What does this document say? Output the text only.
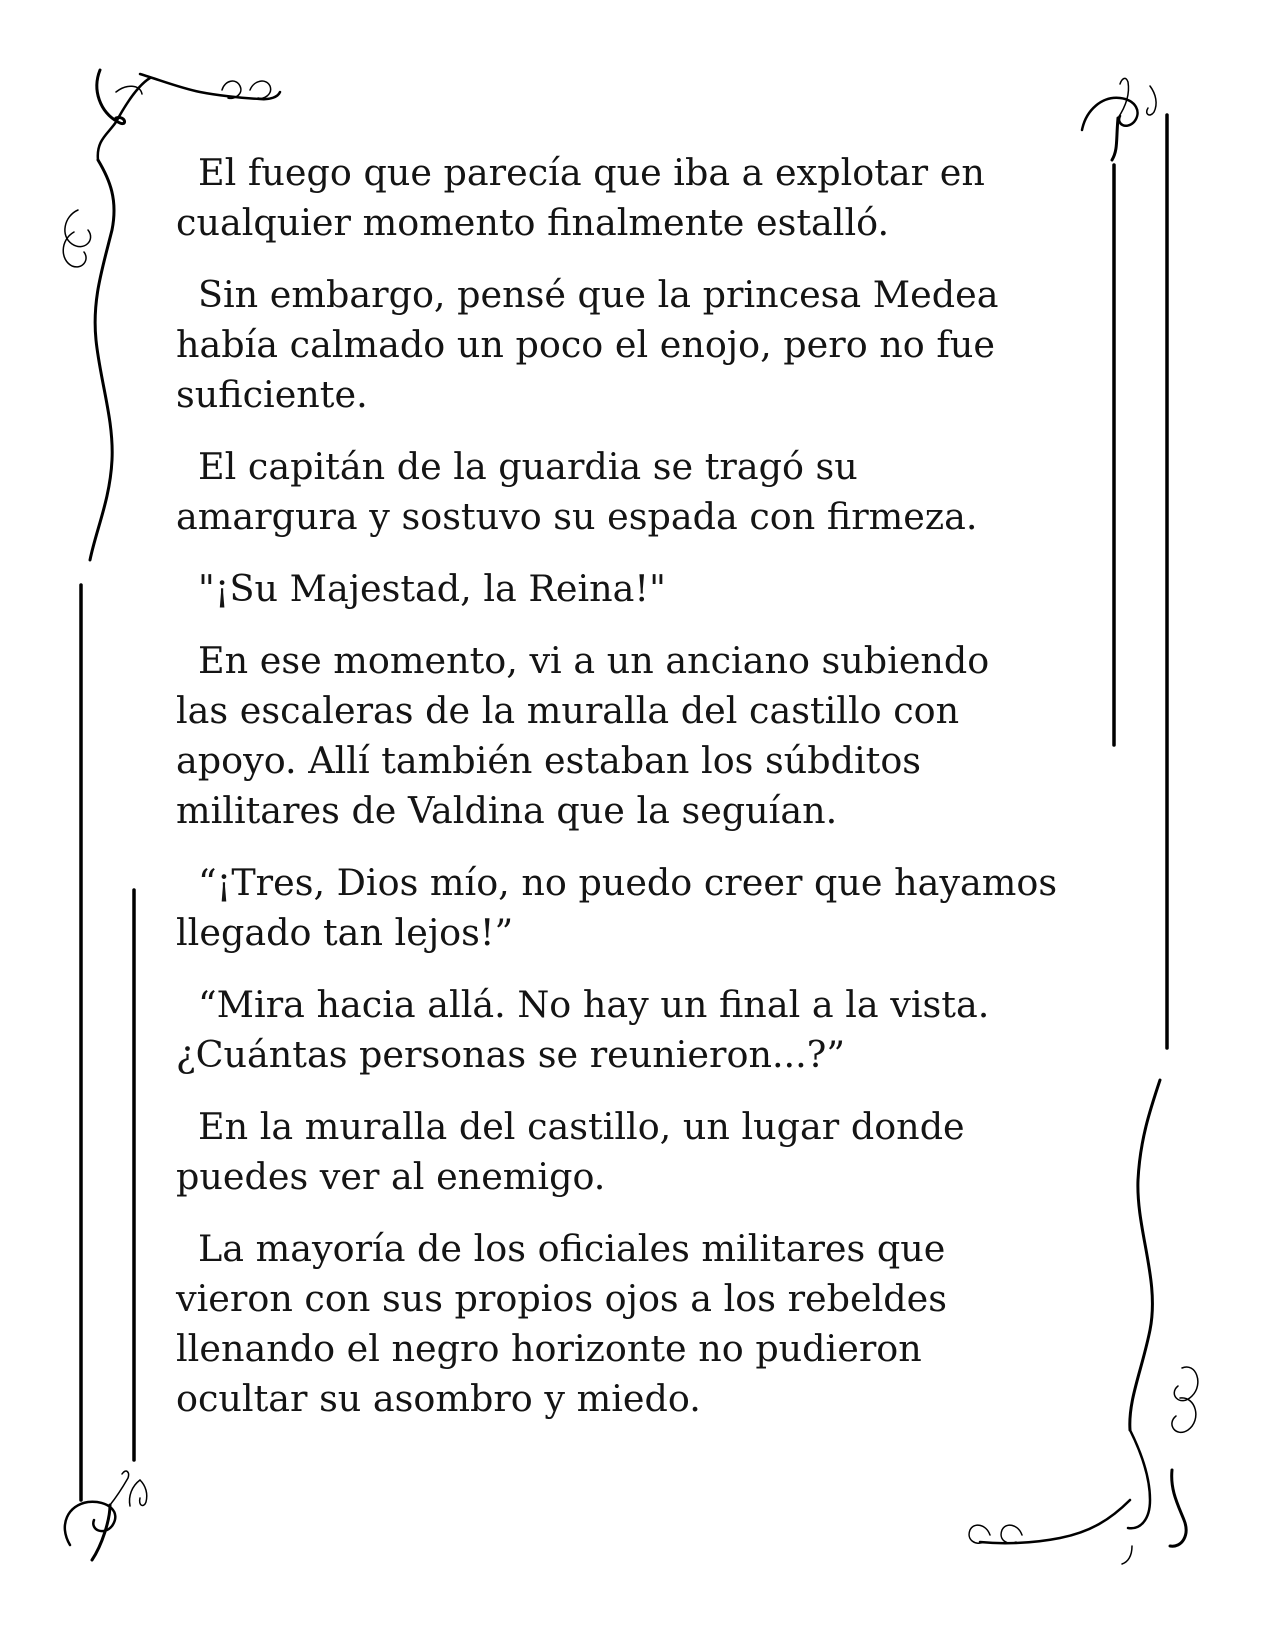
El fuego que parecía que iba a explotar en
cualquier momento finalmente estalló.

Sin embargo, pensé que la princesa Medea
había calmado un poco el enojo, pero no fue
suficiente.

El capitán de la guardia se tragó su
amargura y sostuvo su espada con firmeza.

"¡Su Majestad, la Reina!"

En ese momento, vi a un anciano subiendo
las escaleras de la muralla del castillo con
apoyo. Allí también estaban los súbditos
militares de Valdina que la seguían.

“¡Tres, Dios mío, no puedo creer que hayamos
llegado tan lejos!”

“Mira hacia allá. No hay un final a la vista.
¿Cuántas personas se reunieron...?”

En la muralla del castillo, un lugar donde
puedes ver al enemigo.

La mayoría de los oficiales militares que
vieron con sus propios ojos a los rebeldes
llenando el negro horizonte no pudieron
ocultar su asombro y miedo.
